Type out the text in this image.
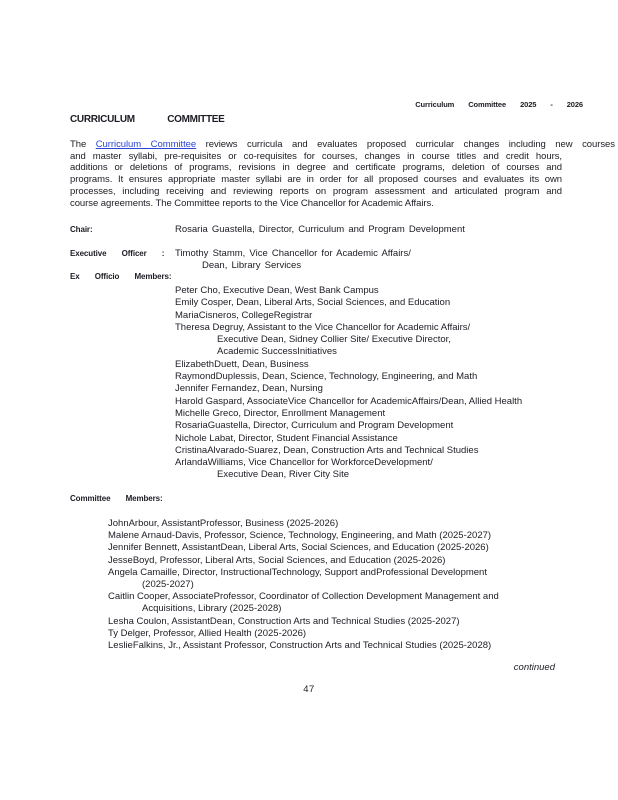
Curriculum Committee 2025 - 2026
CURRICULUM COMMITTEE
The Curriculum Committee reviews curricula and evaluates proposed curricular changes including new courses
and master syllabi, pre-requisites or co-requisites for courses, changes in course titles and credit hours,
additions or deletions of programs, revisions in degree and certificate programs, deletion of courses and
programs. It ensures appropriate master syllabi are in order for all proposed courses and evaluates its own
processes, including receiving and reviewing reports on program assessment and articulated program and
course agreements. The Committee reports to the Vice Chancellor for Academic Affairs.
Chair:	Rosaria Guastella, Director, Curriculum and Program Development
Executive Officer :	Timothy Stamm, Vice Chancellor for Academic Affairs/
Dean, Library Services
Ex Officio Members:
Peter Cho, Executive Dean, West Bank Campus
Emily Cosper, Dean, Liberal Arts, Social Sciences, and Education
MariaCisneros, CollegeRegistrar
Theresa Degruy, Assistant to the Vice Chancellor for Academic Affairs/
Executive Dean, Sidney Collier Site/ Executive Director,
Academic SuccessInitiatives
ElizabethDuett, Dean, Business
RaymondDuplessis, Dean, Science, Technology, Engineering, and Math
Jennifer Fernandez, Dean, Nursing
Harold Gaspard, AssociateVice Chancellor for AcademicAffairs/Dean, Allied Health
Michelle Greco, Director, Enrollment Management
RosariaGuastella, Director, Curriculum and Program Development
Nichole Labat, Director, Student Financial Assistance
CristinaAlvarado-Suarez, Dean, Construction Arts and Technical Studies
ArlandaWilliams, Vice Chancellor for WorkforceDevelopment/
Executive Dean, River City Site
Committee Members:
JohnArbour, AssistantProfessor, Business (2025-2026)
Malene Arnaud-Davis, Professor, Science, Technology, Engineering, and Math (2025-2027)
Jennifer Bennett, AssistantDean, Liberal Arts, Social Sciences, and Education (2025-2026)
JesseBoyd, Professor, Liberal Arts, Social Sciences, and Education (2025-2026)
Angela Camaille, Director, InstructionalTechnology, Support andProfessional Development
(2025-2027)
Caitlin Cooper, AssociateProfessor, Coordinator of Collection Development Management and
Acquisitions, Library (2025-2028)
Lesha Coulon, AssistantDean, Construction Arts and Technical Studies (2025-2027)
Ty Delger, Professor, Allied Health (2025-2026)
LeslieFalkins, Jr., Assistant Professor, Construction Arts and Technical Studies (2025-2028)
continued
47
